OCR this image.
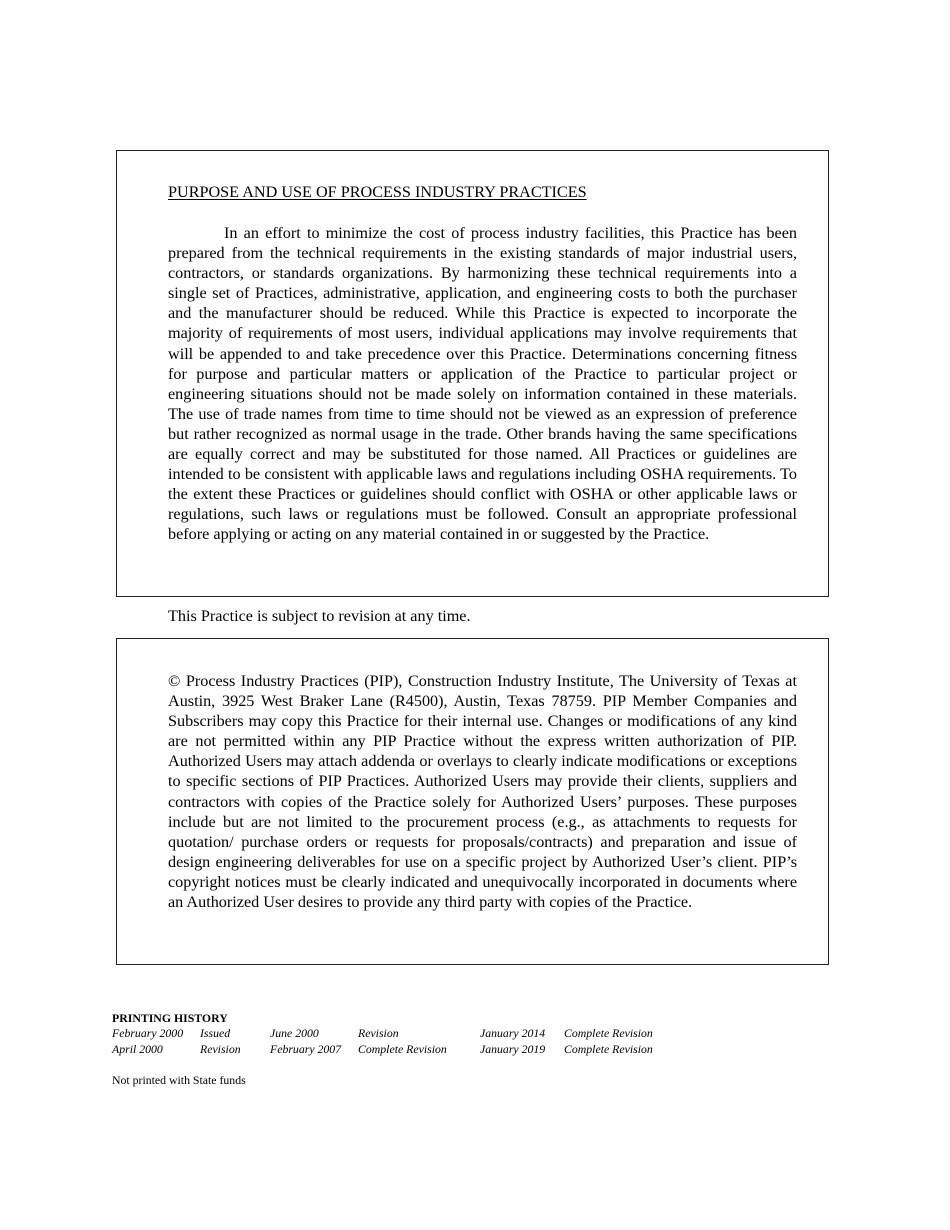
PURPOSE AND USE OF PROCESS INDUSTRY PRACTICES

In an effort to minimize the cost of process industry facilities, this Practice has been prepared from the technical requirements in the existing standards of major industrial users, contractors, or standards organizations. By harmonizing these technical requirements into a single set of Practices, administrative, application, and engineering costs to both the purchaser and the manufacturer should be reduced. While this Practice is expected to incorporate the majority of requirements of most users, individual applications may involve requirements that will be appended to and take precedence over this Practice. Determinations concerning fitness for purpose and particular matters or application of the Practice to particular project or engineering situations should not be made solely on information contained in these materials. The use of trade names from time to time should not be viewed as an expression of preference but rather recognized as normal usage in the trade. Other brands having the same specifications are equally correct and may be substituted for those named. All Practices or guidelines are intended to be consistent with applicable laws and regulations including OSHA requirements. To the extent these Practices or guidelines should conflict with OSHA or other applicable laws or regulations, such laws or regulations must be followed. Consult an appropriate professional before applying or acting on any material contained in or suggested by the Practice.

This Practice is subject to revision at any time.

© Process Industry Practices (PIP), Construction Industry Institute, The University of Texas at Austin, 3925 West Braker Lane (R4500), Austin, Texas 78759. PIP Member Companies and Subscribers may copy this Practice for their internal use. Changes or modifications of any kind are not permitted within any PIP Practice without the express written authorization of PIP. Authorized Users may attach addenda or overlays to clearly indicate modifications or exceptions to specific sections of PIP Practices. Authorized Users may provide their clients, suppliers and contractors with copies of the Practice solely for Authorized Users’ purposes. These purposes include but are not limited to the procurement process (e.g., as attachments to requests for quotation/ purchase orders or requests for proposals/contracts) and preparation and issue of design engineering deliverables for use on a specific project by Authorized User’s client. PIP’s copyright notices must be clearly indicated and unequivocally incorporated in documents where an Authorized User desires to provide any third party with copies of the Practice.

PRINTING HISTORY
February 2000 Issued
April 2000	Revision
June 2000	Revision
February 2007 Complete Revision
January 2014 Complete Revision
January 2019 Complete Revision
Not printed with State funds
